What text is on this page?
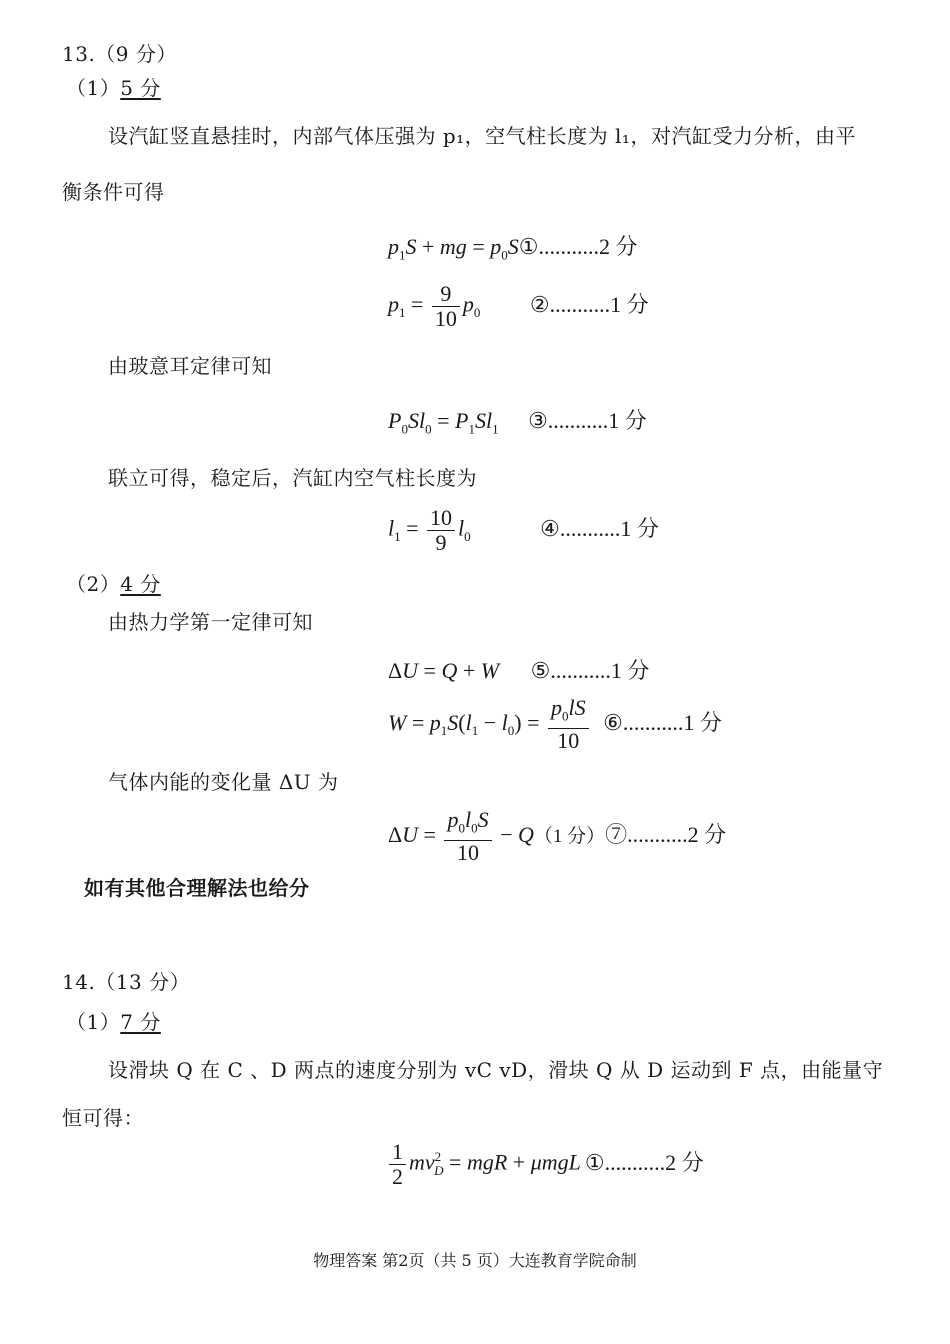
13.（9 分）
（1）5 分
设汽缸竖直悬挂时，内部气体压强为 p₁，空气柱长度为 l₁，对汽缸受力分析，由平
衡条件可得
$p_1S$ + mg = $p_0S①...........2$ 分
$p_1 = \frac{9}{10} p_0$ ②...........1 分
由玻意耳定律可知
$P_0Sl_0 = P_1Sl_1$ ③...........1 分
联立可得，稳定后，汽缸内空气柱长度为
$l_1 = \frac{10}{9} l_0$	④...........1 分
（2）4 分
由热力学第一定律可知
ΔU = Q + W ⑤...........1 分
$W = p_1S(l_1 - l_0) = \frac{p_0lS}{10}$ ⑥...........1 分
气体内能的变化量 ΔU 为
$\Delta U = \frac{p_0l_0S}{10} - Q(1$ 分）⑦...........2 分
如有其他合理解法也给分
14.（13 分）
（1）7 分
设滑块 Q 在 C 、D 两点的速度分别为 vC vD，滑块 Q 从 D 运动到 F 点，由能量守
恒可得：
$\frac{1}{2} mv^2_D$ = mgR + μmgL ①...........2 分
物理答案 第2页（共 5 页）大连教育学院命制
